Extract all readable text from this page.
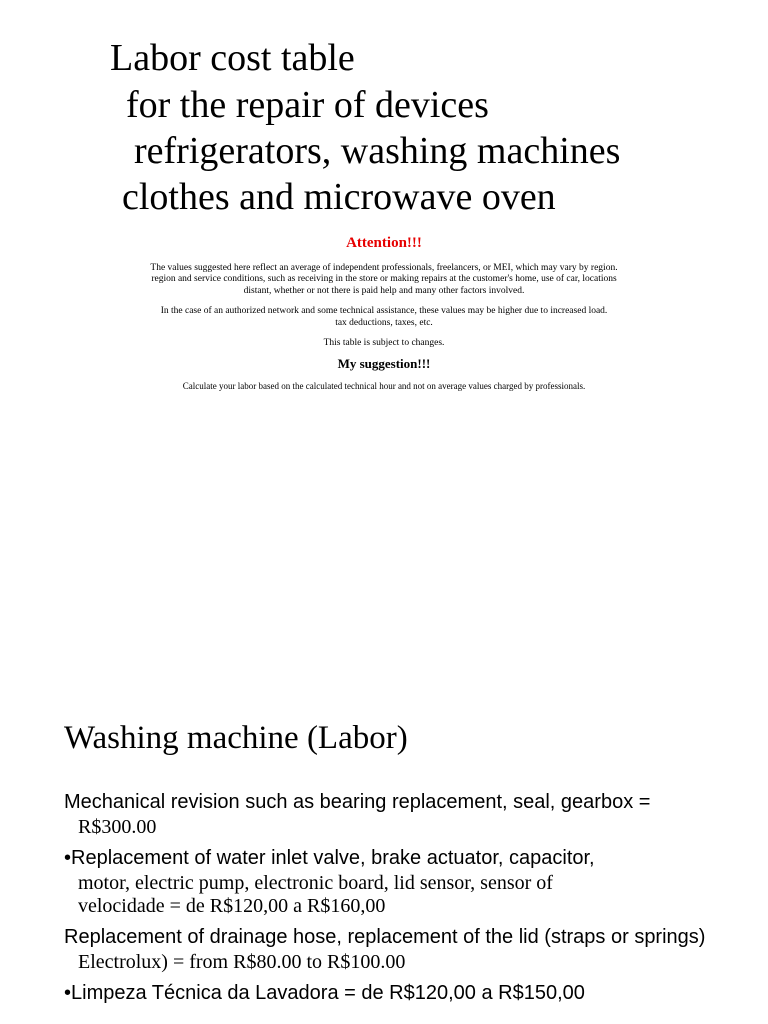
Labor cost table
for the repair of devices
refrigerators, washing machines
clothes and microwave oven
Attention!!!
The values suggested here reflect an average of independent professionals, freelancers, or MEI, which may vary by region.
region and service conditions, such as receiving in the store or making repairs at the customer's home, use of car, locations
distant, whether or not there is paid help and many other factors involved.
In the case of an authorized network and some technical assistance, these values may be higher due to increased load.
tax deductions, taxes, etc.
This table is subject to changes.
My suggestion!!!
Calculate your labor based on the calculated technical hour and not on average values charged by professionals.
Washing machine (Labor)
Mechanical revision such as bearing replacement, seal, gearbox =
R$300.00
•Replacement of water inlet valve, brake actuator, capacitor,
motor, electric pump, electronic board, lid sensor, sensor of
velocidade = de R$120,00 a R$160,00
Replacement of drainage hose, replacement of the lid (straps or springs)
Electrolux) = from R$80.00 to R$100.00
•Limpeza Técnica da Lavadora = de R$120,00 a R$150,00
